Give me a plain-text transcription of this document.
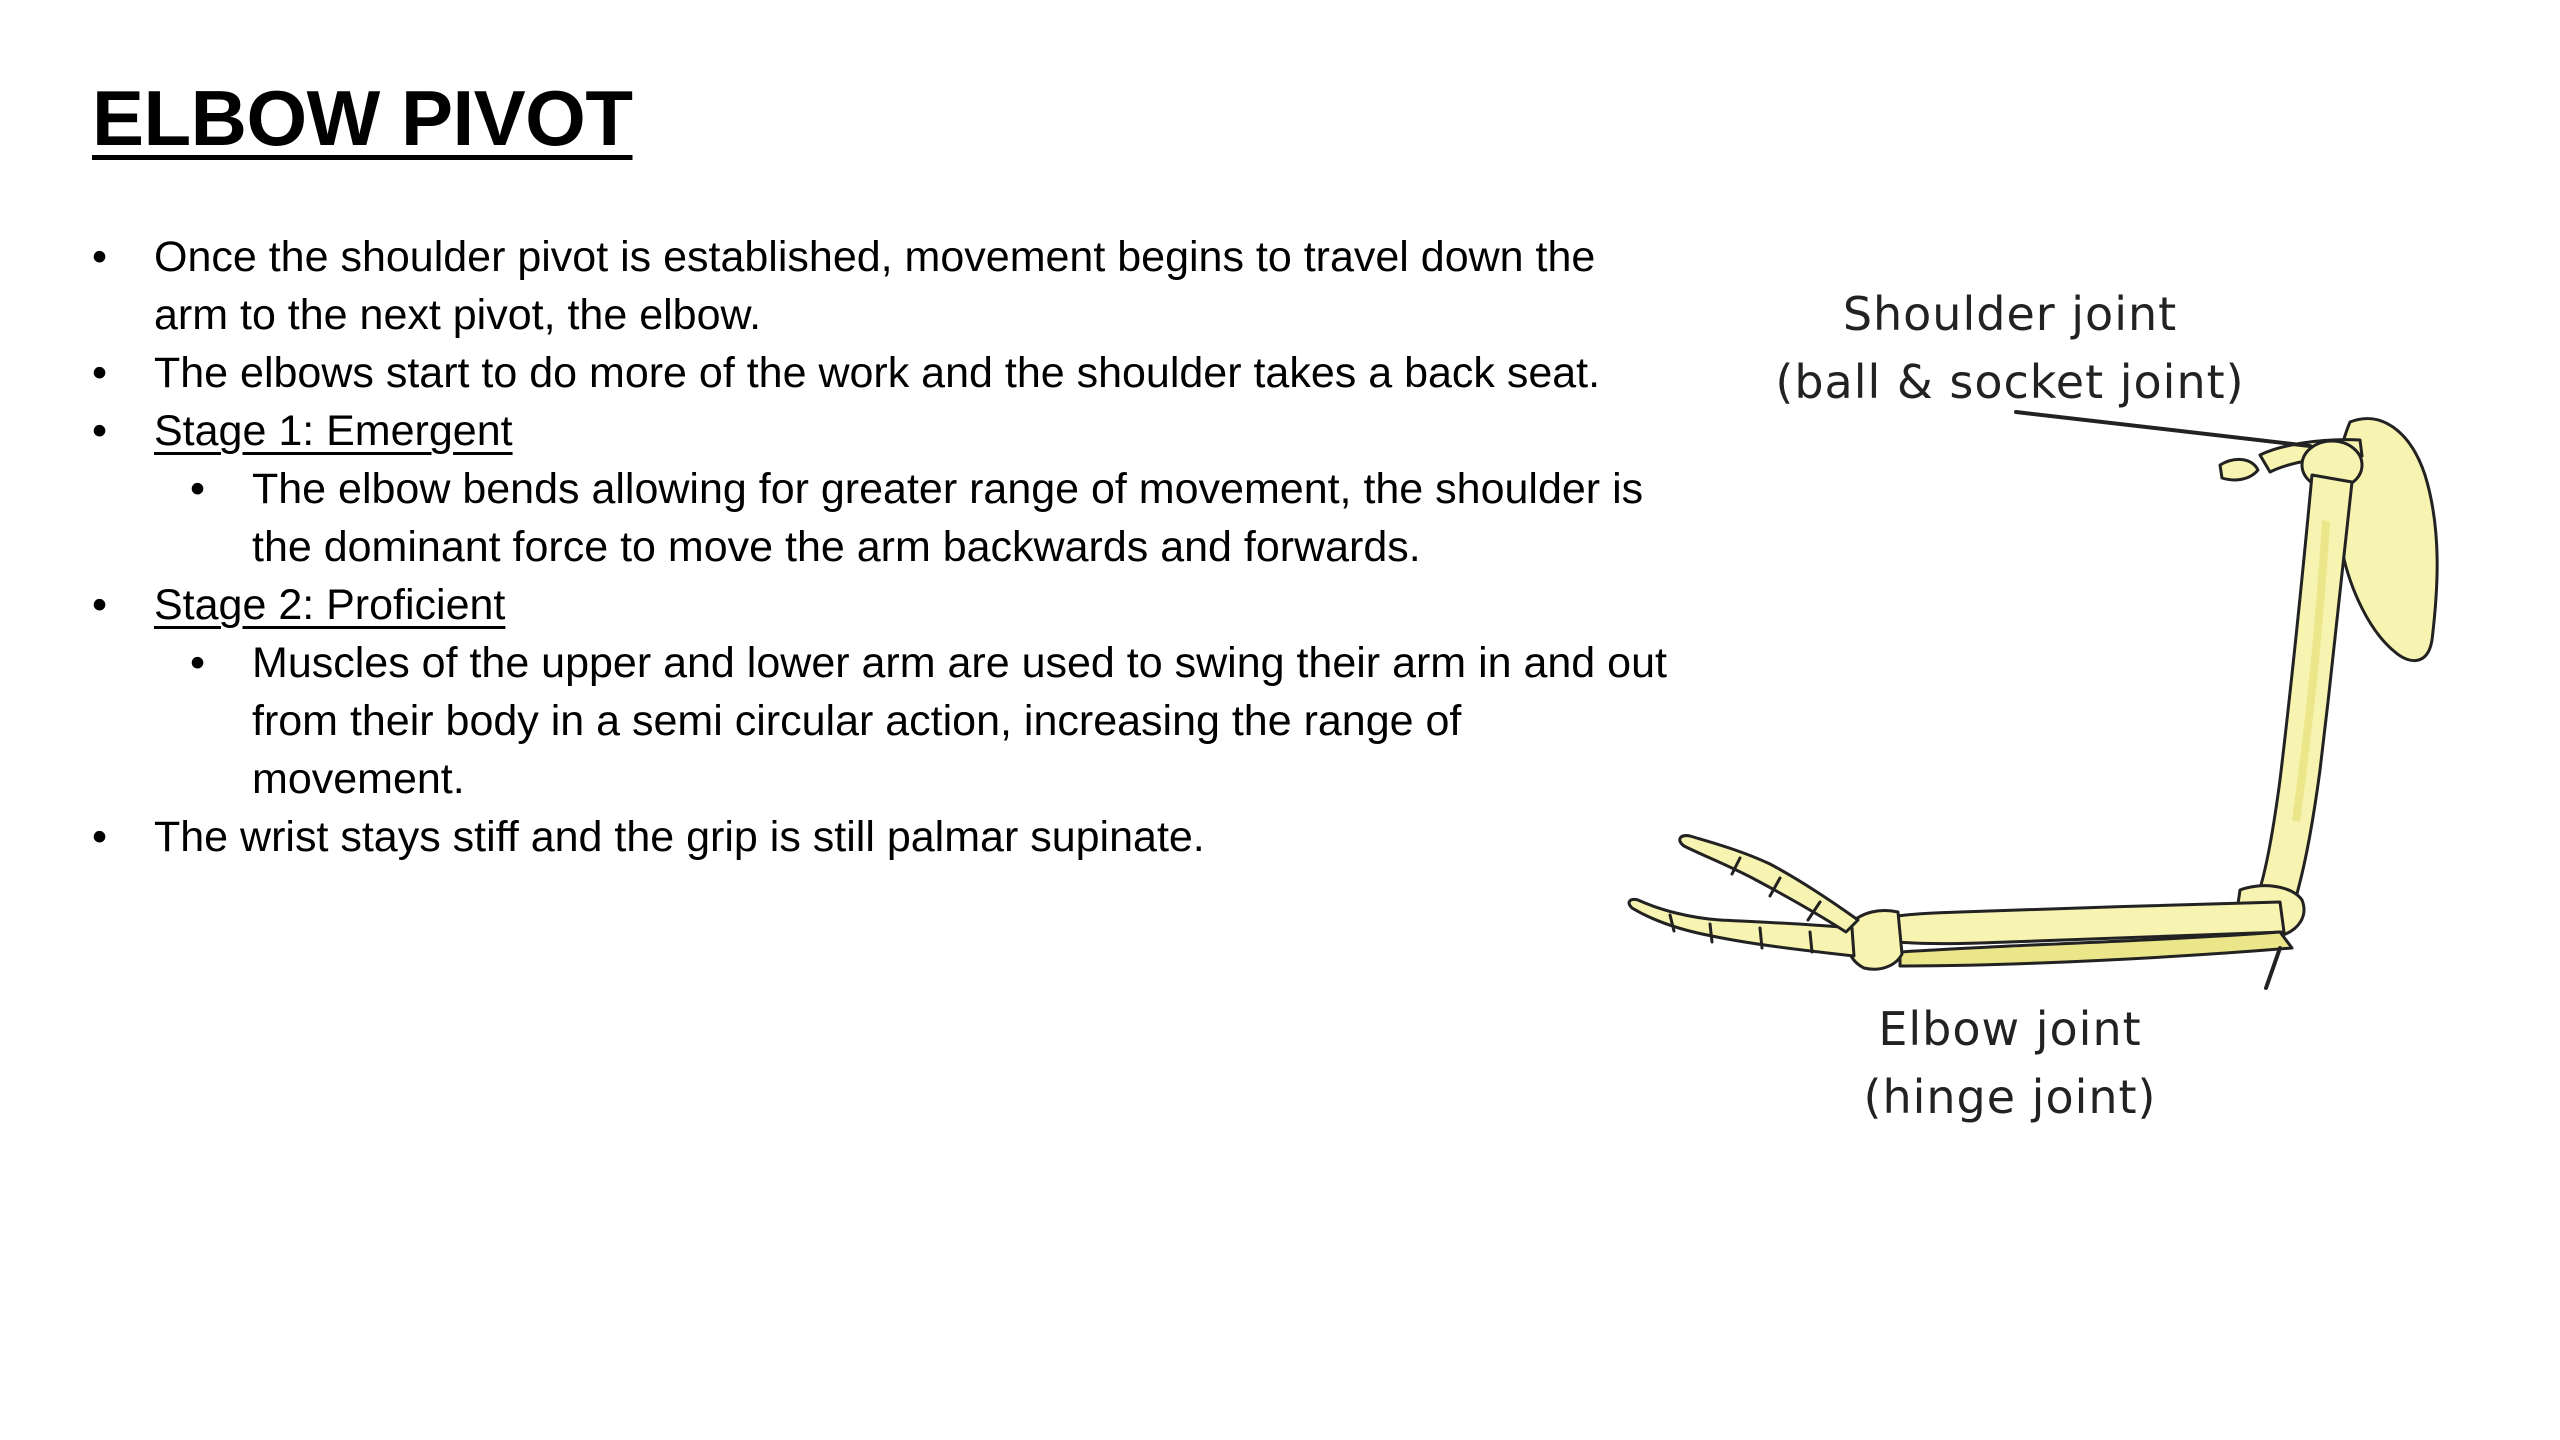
ELBOW PIVOT

•	Once the shoulder pivot is established, movement begins to travel down the arm to the next pivot, the elbow.

•	The elbows start to do more of the work and the shoulder takes a back seat.

•	Stage 1: Emergent

•	The elbow bends allowing for greater range of movement, the shoulder is the dominant force to move the arm backwards and forwards.

•	Stage 2: Proficient

•	Muscles of the upper and lower arm are used to swing their arm in and out from their body in a semi circular action, increasing the range of movement.

•	The wrist stays stiff and the grip is still palmar supinate.

Shoulder joint
(ball & socket joint)
Elbow joint
(hinge joint)
